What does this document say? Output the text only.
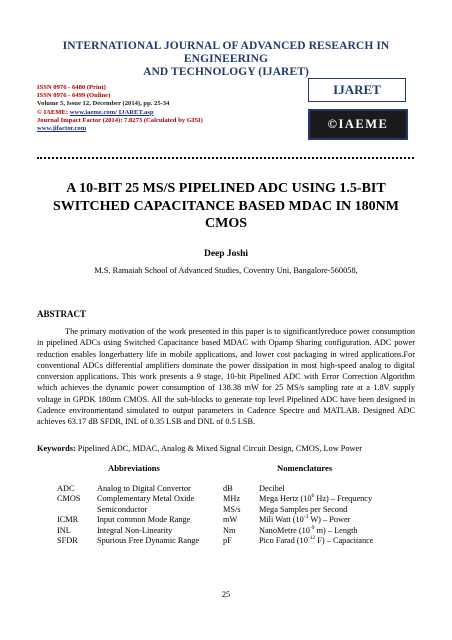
INTERNATIONAL JOURNAL OF ADVANCED RESEARCH IN ENGINEERING
AND TECHNOLOGY (IJARET)
ISSN 0976 - 6480 (Print)
ISSN 0976 - 6499 (Online)
Volume 5, Issue 12, December (2014), pp. 25-34
© IAEME: www.iaeme.com/ IJARET.asp
Journal Impact Factor (2014): 7.8273 (Calculated by GISI)
www.jifactor.com
IJARET
©IAEME
A 10-BIT 25 MS/S PIPELINED ADC USING 1.5-BIT SWITCHED CAPACITANCE BASED MDAC IN 180NM CMOS
Deep Joshi
M.S. Ramaiah School of Advanced Studies, Coventry Uni, Bangalore-560058,
ABSTRACT
The primary motivation of the work presented in this paper is to significantlyreduce power consumption in pipelined ADCs using Switched Capacitance based MDAC with Opamp Sharing configuration. ADC power reduction enables longerbattery life in mobile applications, and lower cost packaging in wired applications.For conventional ADCs differential amplifiers dominate the power dissipation in most high-speed analog to digital conversion applications. This work presents a 9 stage, 10-bit Pipelined ADC with Error Correction Algorithm which achieves the dynamic power consumption of 138.38 mW for 25 MS/s sampling rate at a 1.8V supply voltage in GPDK 180nm CMOS. All the sub-blocks to generate top level Pipelined ADC have been designed in Cadence environmentand simulated to output parameters in Cadence Spectre and MATLAB. Designed ADC achieves 63.17 dB SFDR, INL of 0.35 LSB and DNL of 0.5 LSB.
Keywords: Pipelined ADC, MDAC, Analog & Mixed Signal Circuit Design, CMOS, Low Power
Abbreviations	Nomenclatures
ADC	Analog to Digital Convertor	dB	Decibel
CMOS	Complementary Metal Oxide	MHz	Mega Hertz ($10^6$ Hz) – Frequency
	Semiconductor	MS/s	Mega Samples per Second
ICMR	Input common Mode Range	mW	Mili Watt ($10^{-3}$ W) – Power
INL	Integral Non-Linearity	Nm	NanoMetre ($10^{-9}$ m) – Length
SFDR	Spurious Free Dynamic Range	pF	Pico Farad ($10^{-12}$ F) – Capacitance
25
